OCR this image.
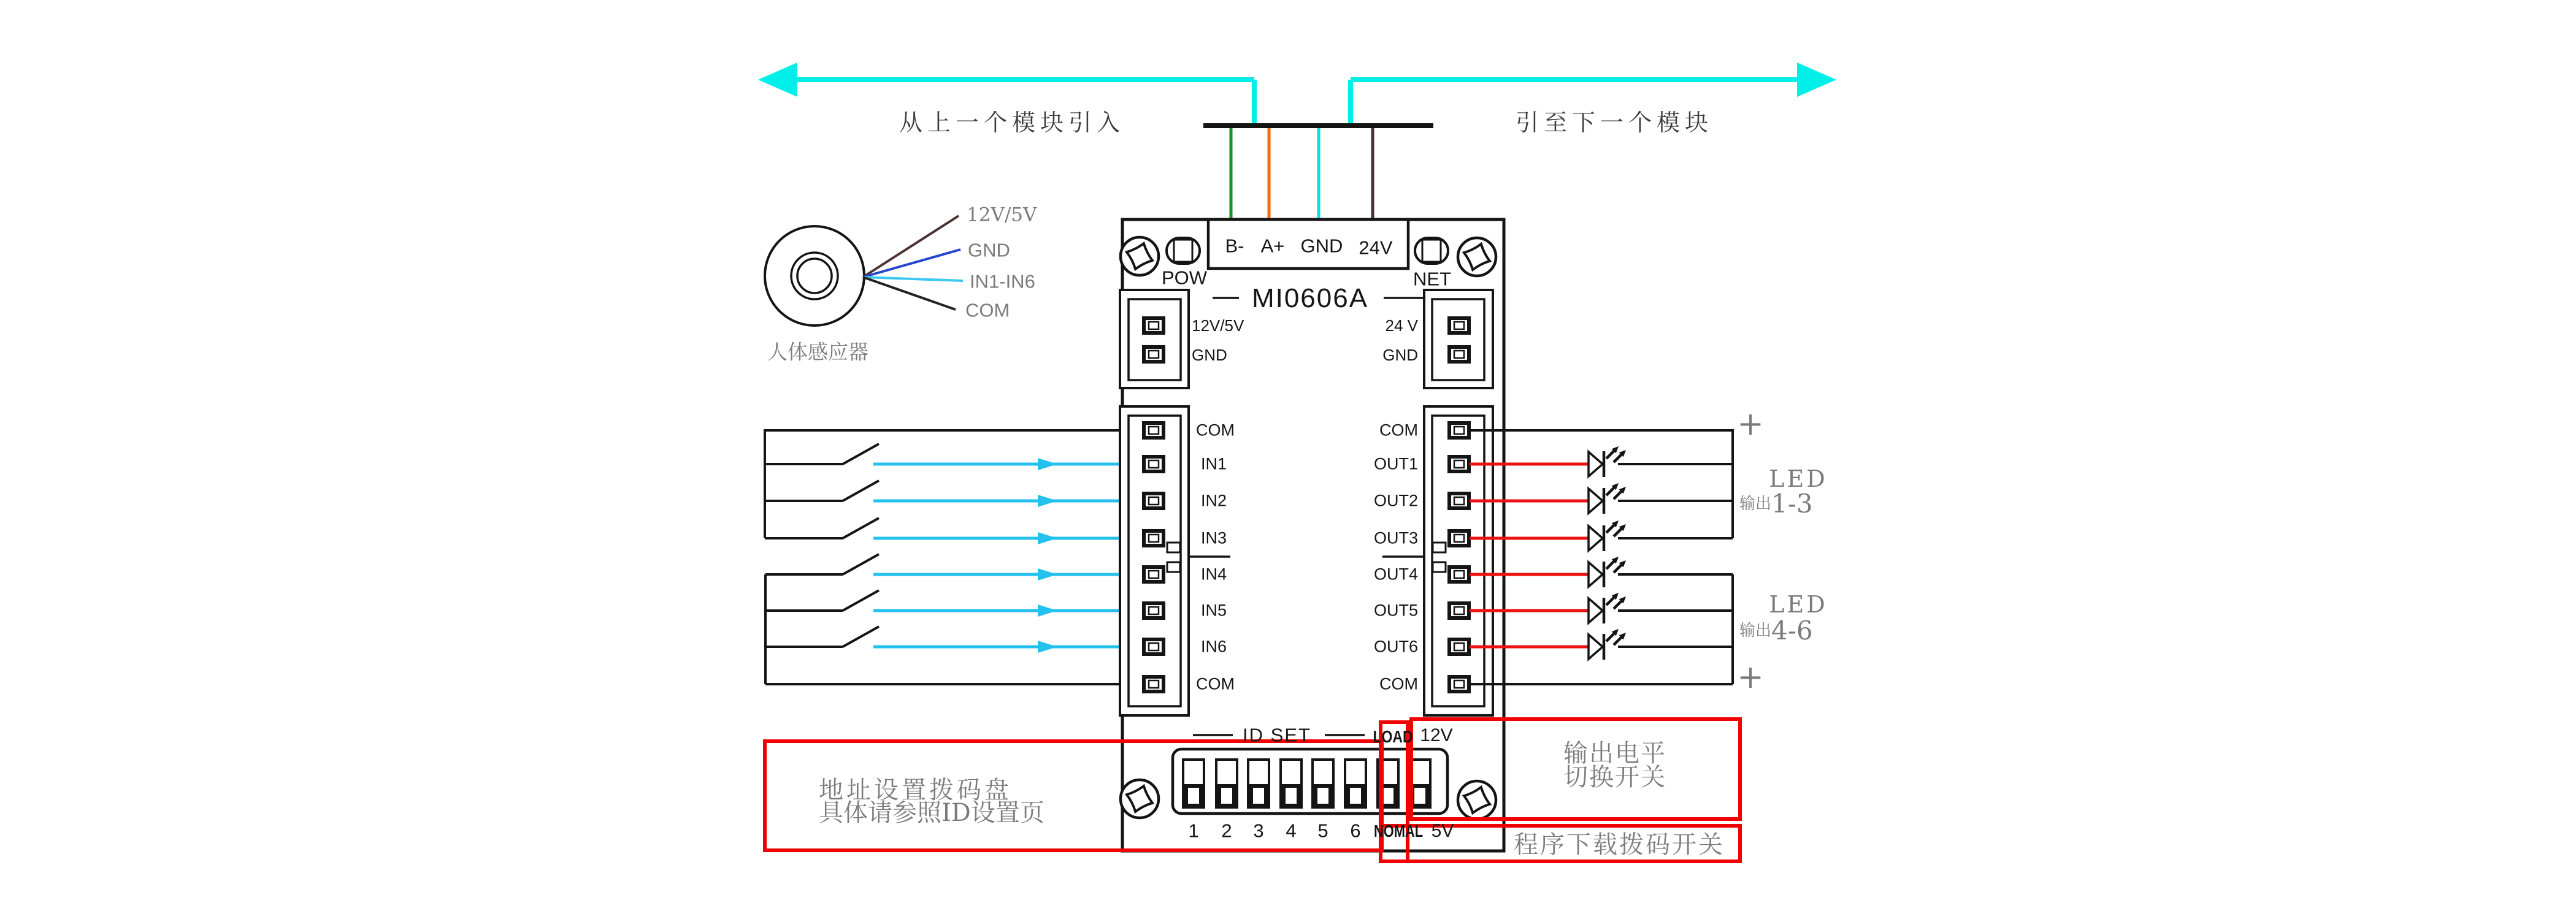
从上一个模块引入	引至下一个模块
B- A+ GND 24V
POW	NET
MI0606A
12V/5V
GND
24 V
GND
COM
IN1
IN2
IN3
IN4
IN5
IN6
COM
COM
OUT1
OUT2
OUT3
OUT4
OUT5
OUT6
COM
12V/5V
GND
IN1-IN6
COM
人体感应器
+
+
LED
输出 1-3
LED
输出 4-6
ID SET
1 2 3 4 5 6
LOAD 12V
NOMAL 5V
地址设置拨码盘
具体请参照ID设置页
输出电平
切换开关
程序下载拨码开关
